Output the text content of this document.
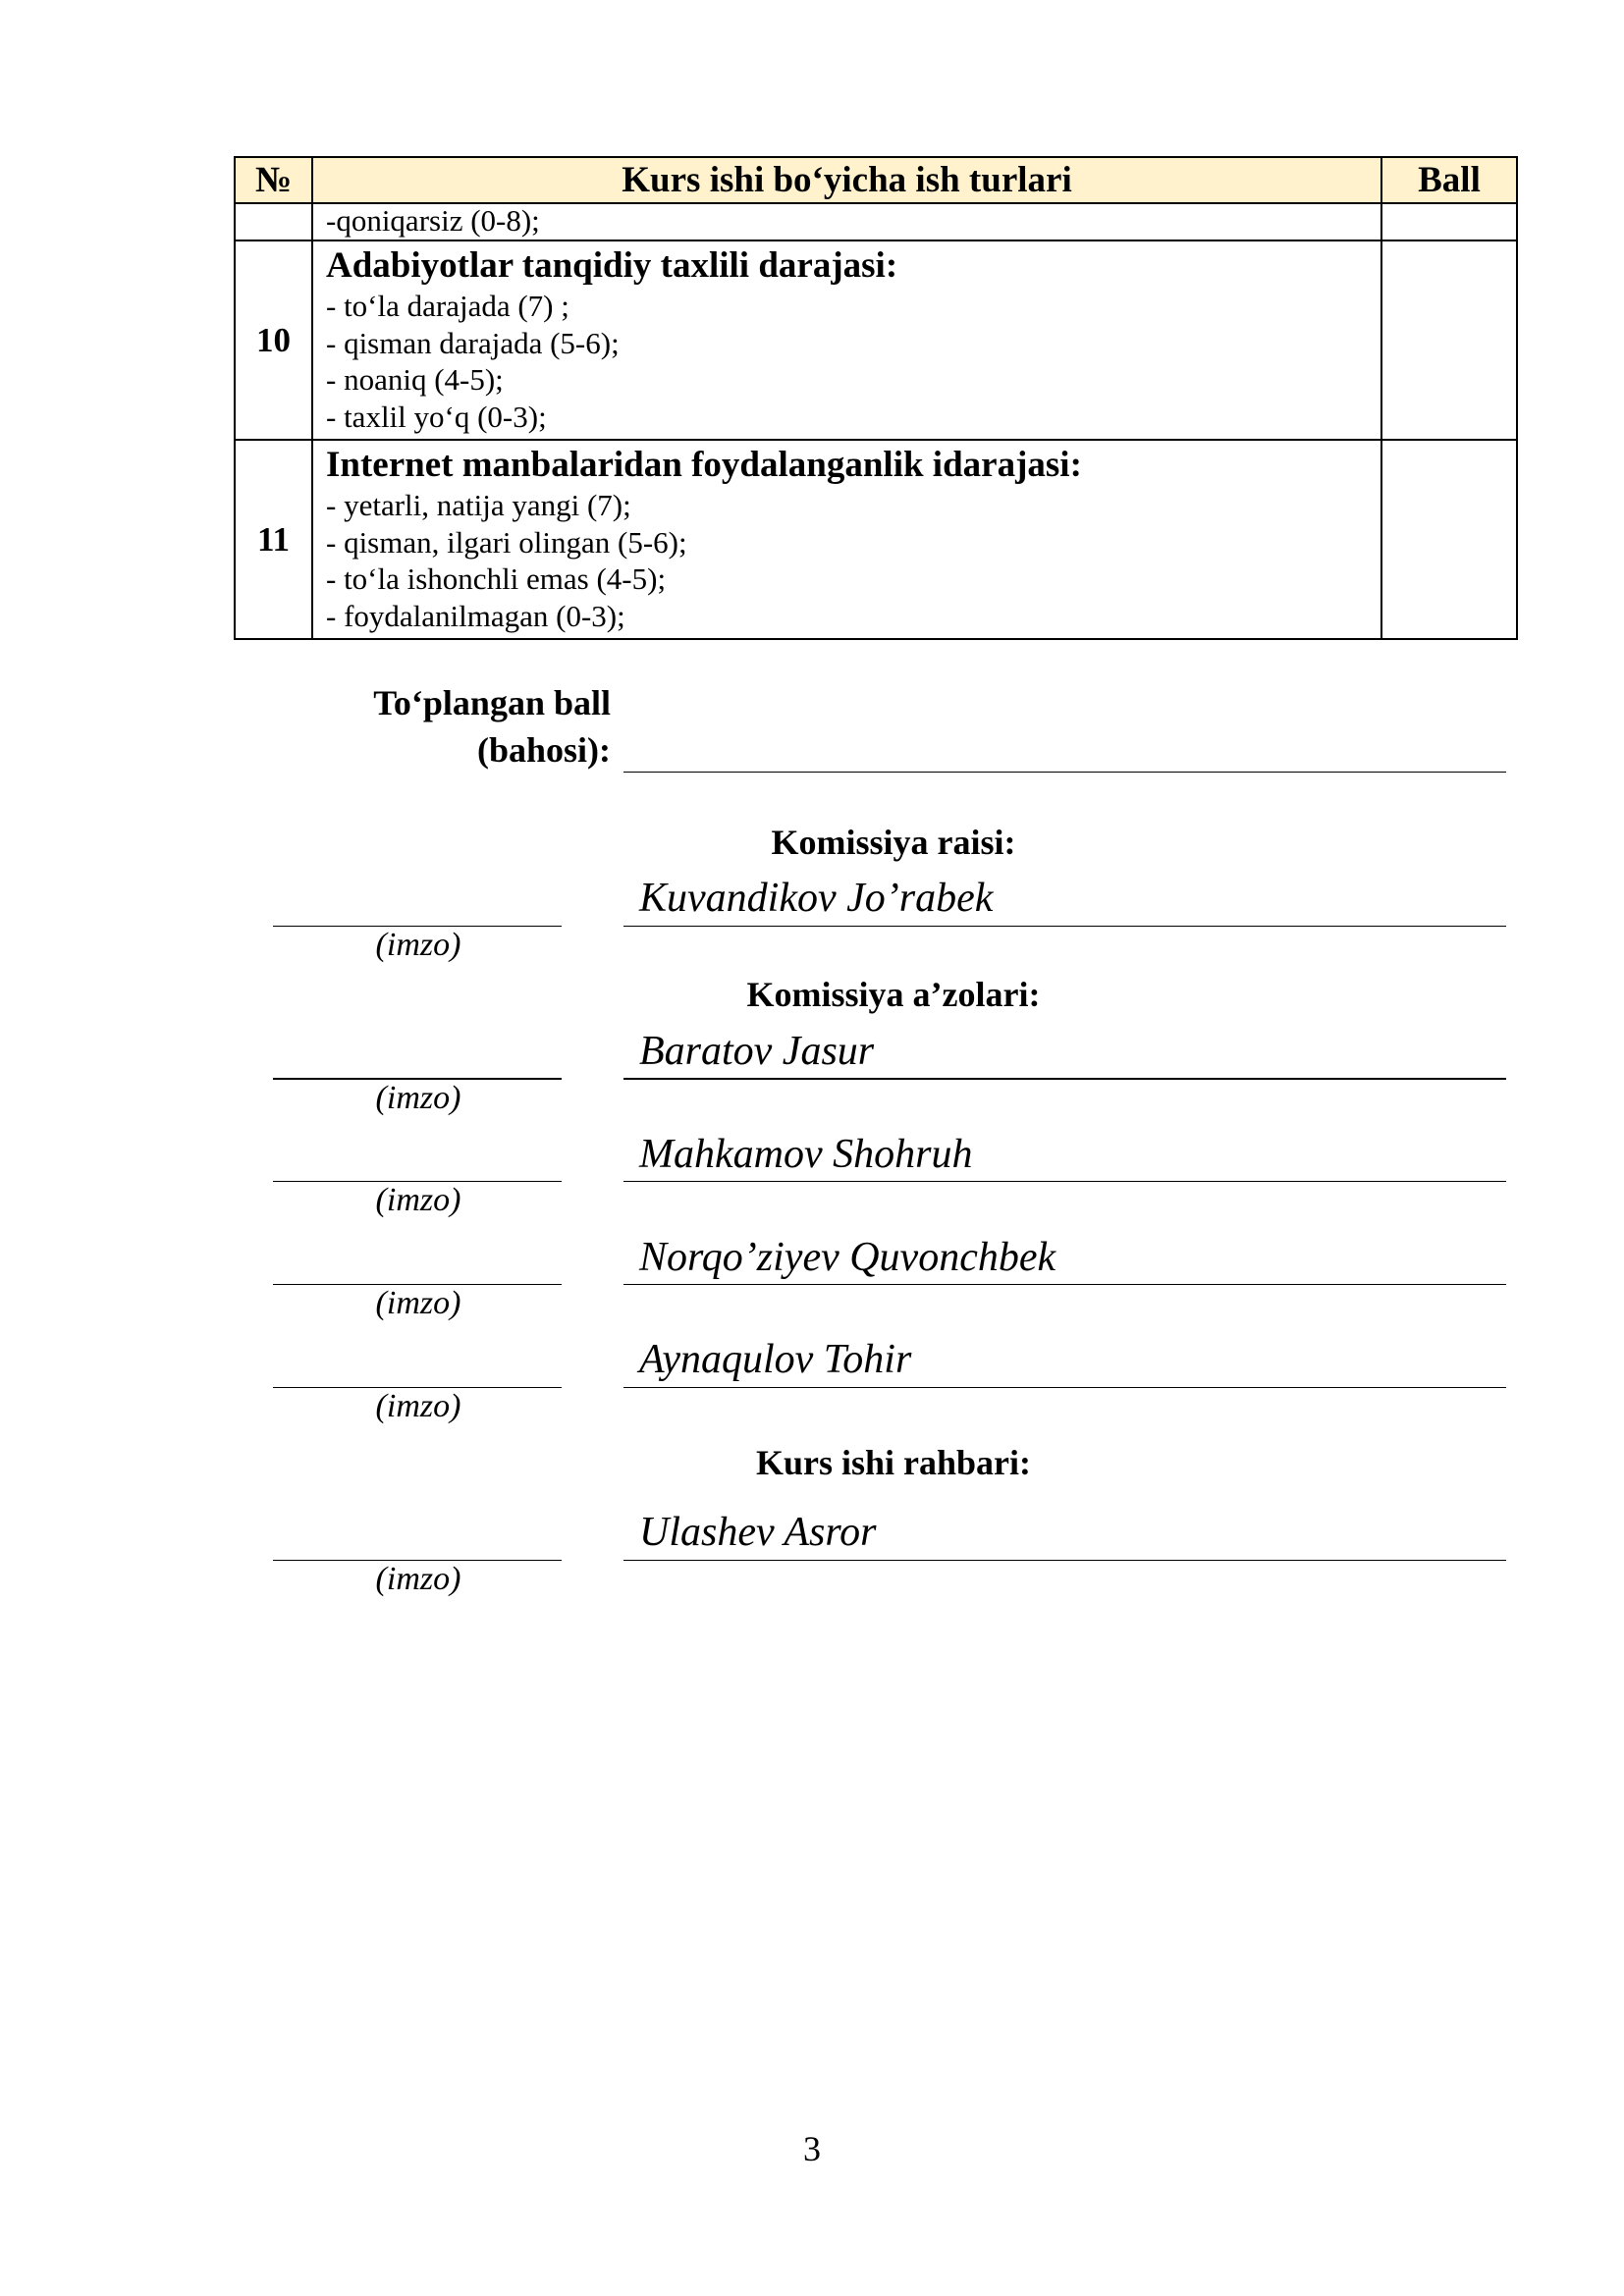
№	Kurs ishi bo‘yicha ish turlari	Ball
	-qoniqarsiz (0-8);	
10	Adabiyotlar tanqidiy taxlili darajasi:
- to‘la darajada (7) ;
- qisman darajada (5-6);
- noaniq (4-5);
- taxlil yo‘q (0-3);	

11	Internet manbalaridan foydalanganlik idarajasi:
- yetarli, natija yangi (7);
- qisman, ilgari olingan (5-6);
- to‘la ishonchli emas (4-5);
- foydalanilmagan (0-3);	

To‘plangan ball
(bahosi):
Komissiya raisi:
Kuvandikov Jo’rabek
(imzo)
Komissiya a’zolari:
Baratov Jasur
(imzo)
Mahkamov Shohruh
(imzo)
Norqo’ziyev Quvonchbek
(imzo)
Aynaqulov Tohir
(imzo)
Kurs ishi rahbari:
Ulashev Asror
(imzo)
3
